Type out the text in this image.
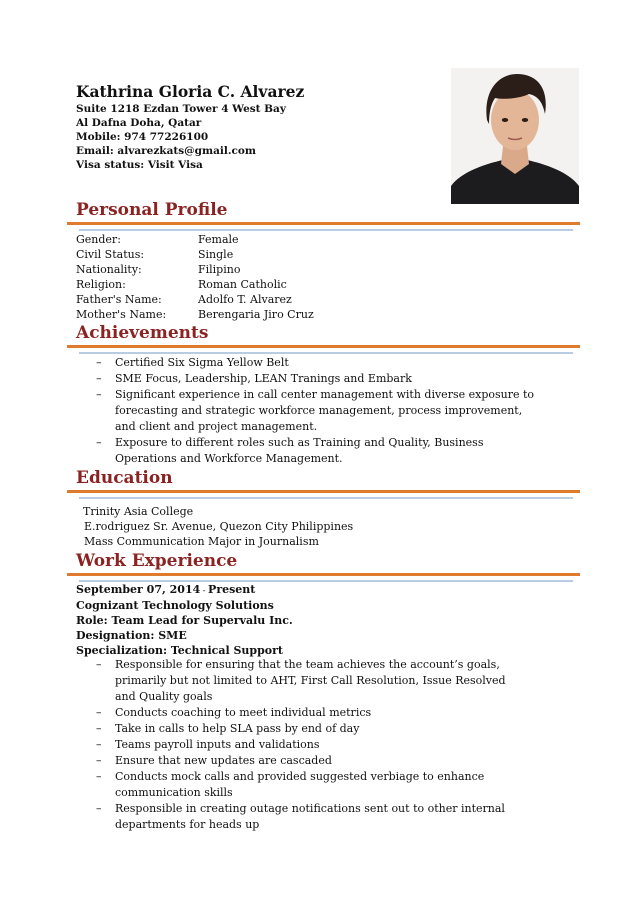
Kathrina Gloria C. Alvarez
Suite 1218 Ezdan Tower 4 West Bay
Al Dafna Doha, Qatar
Mobile: 974 77226100
Email: alvarezkats@gmail.com
Visa status: Visit Visa
Personal Profile
Gender:	Female
Civil Status:	Single
Nationality:	Filipino
Religion:	Roman Catholic
Father's Name:	Adolfo T. Alvarez
Mother's Name:	Berengaria Jiro Cruz
Achievements
– Certified Six Sigma Yellow Belt
– SME Focus, Leadership, LEAN Tranings and Embark
– Significant experience in call center management with diverse exposure to forecasting and strategic workforce management, process improvement, and client and project management.
– Exposure to different roles such as Training and Quality, Business Operations and Workforce Management.
Education
Trinity Asia College
E.rodriguez Sr. Avenue, Quezon City Philippines
Mass Communication Major in Journalism
Work Experience
September 07, 2014 - Present
Cognizant Technology Solutions
Role: Team Lead for Supervalu Inc.
Designation: SME
Specialization: Technical Support
– Responsible for ensuring that the team achieves the account’s goals, primarily but not limited to AHT, First Call Resolution, Issue Resolved and Quality goals
– Conducts coaching to meet individual metrics
– Take in calls to help SLA pass by end of day
– Teams payroll inputs and validations
– Ensure that new updates are cascaded
– Conducts mock calls and provided suggested verbiage to enhance communication skills
– Responsible in creating outage notifications sent out to other internal departments for heads up
